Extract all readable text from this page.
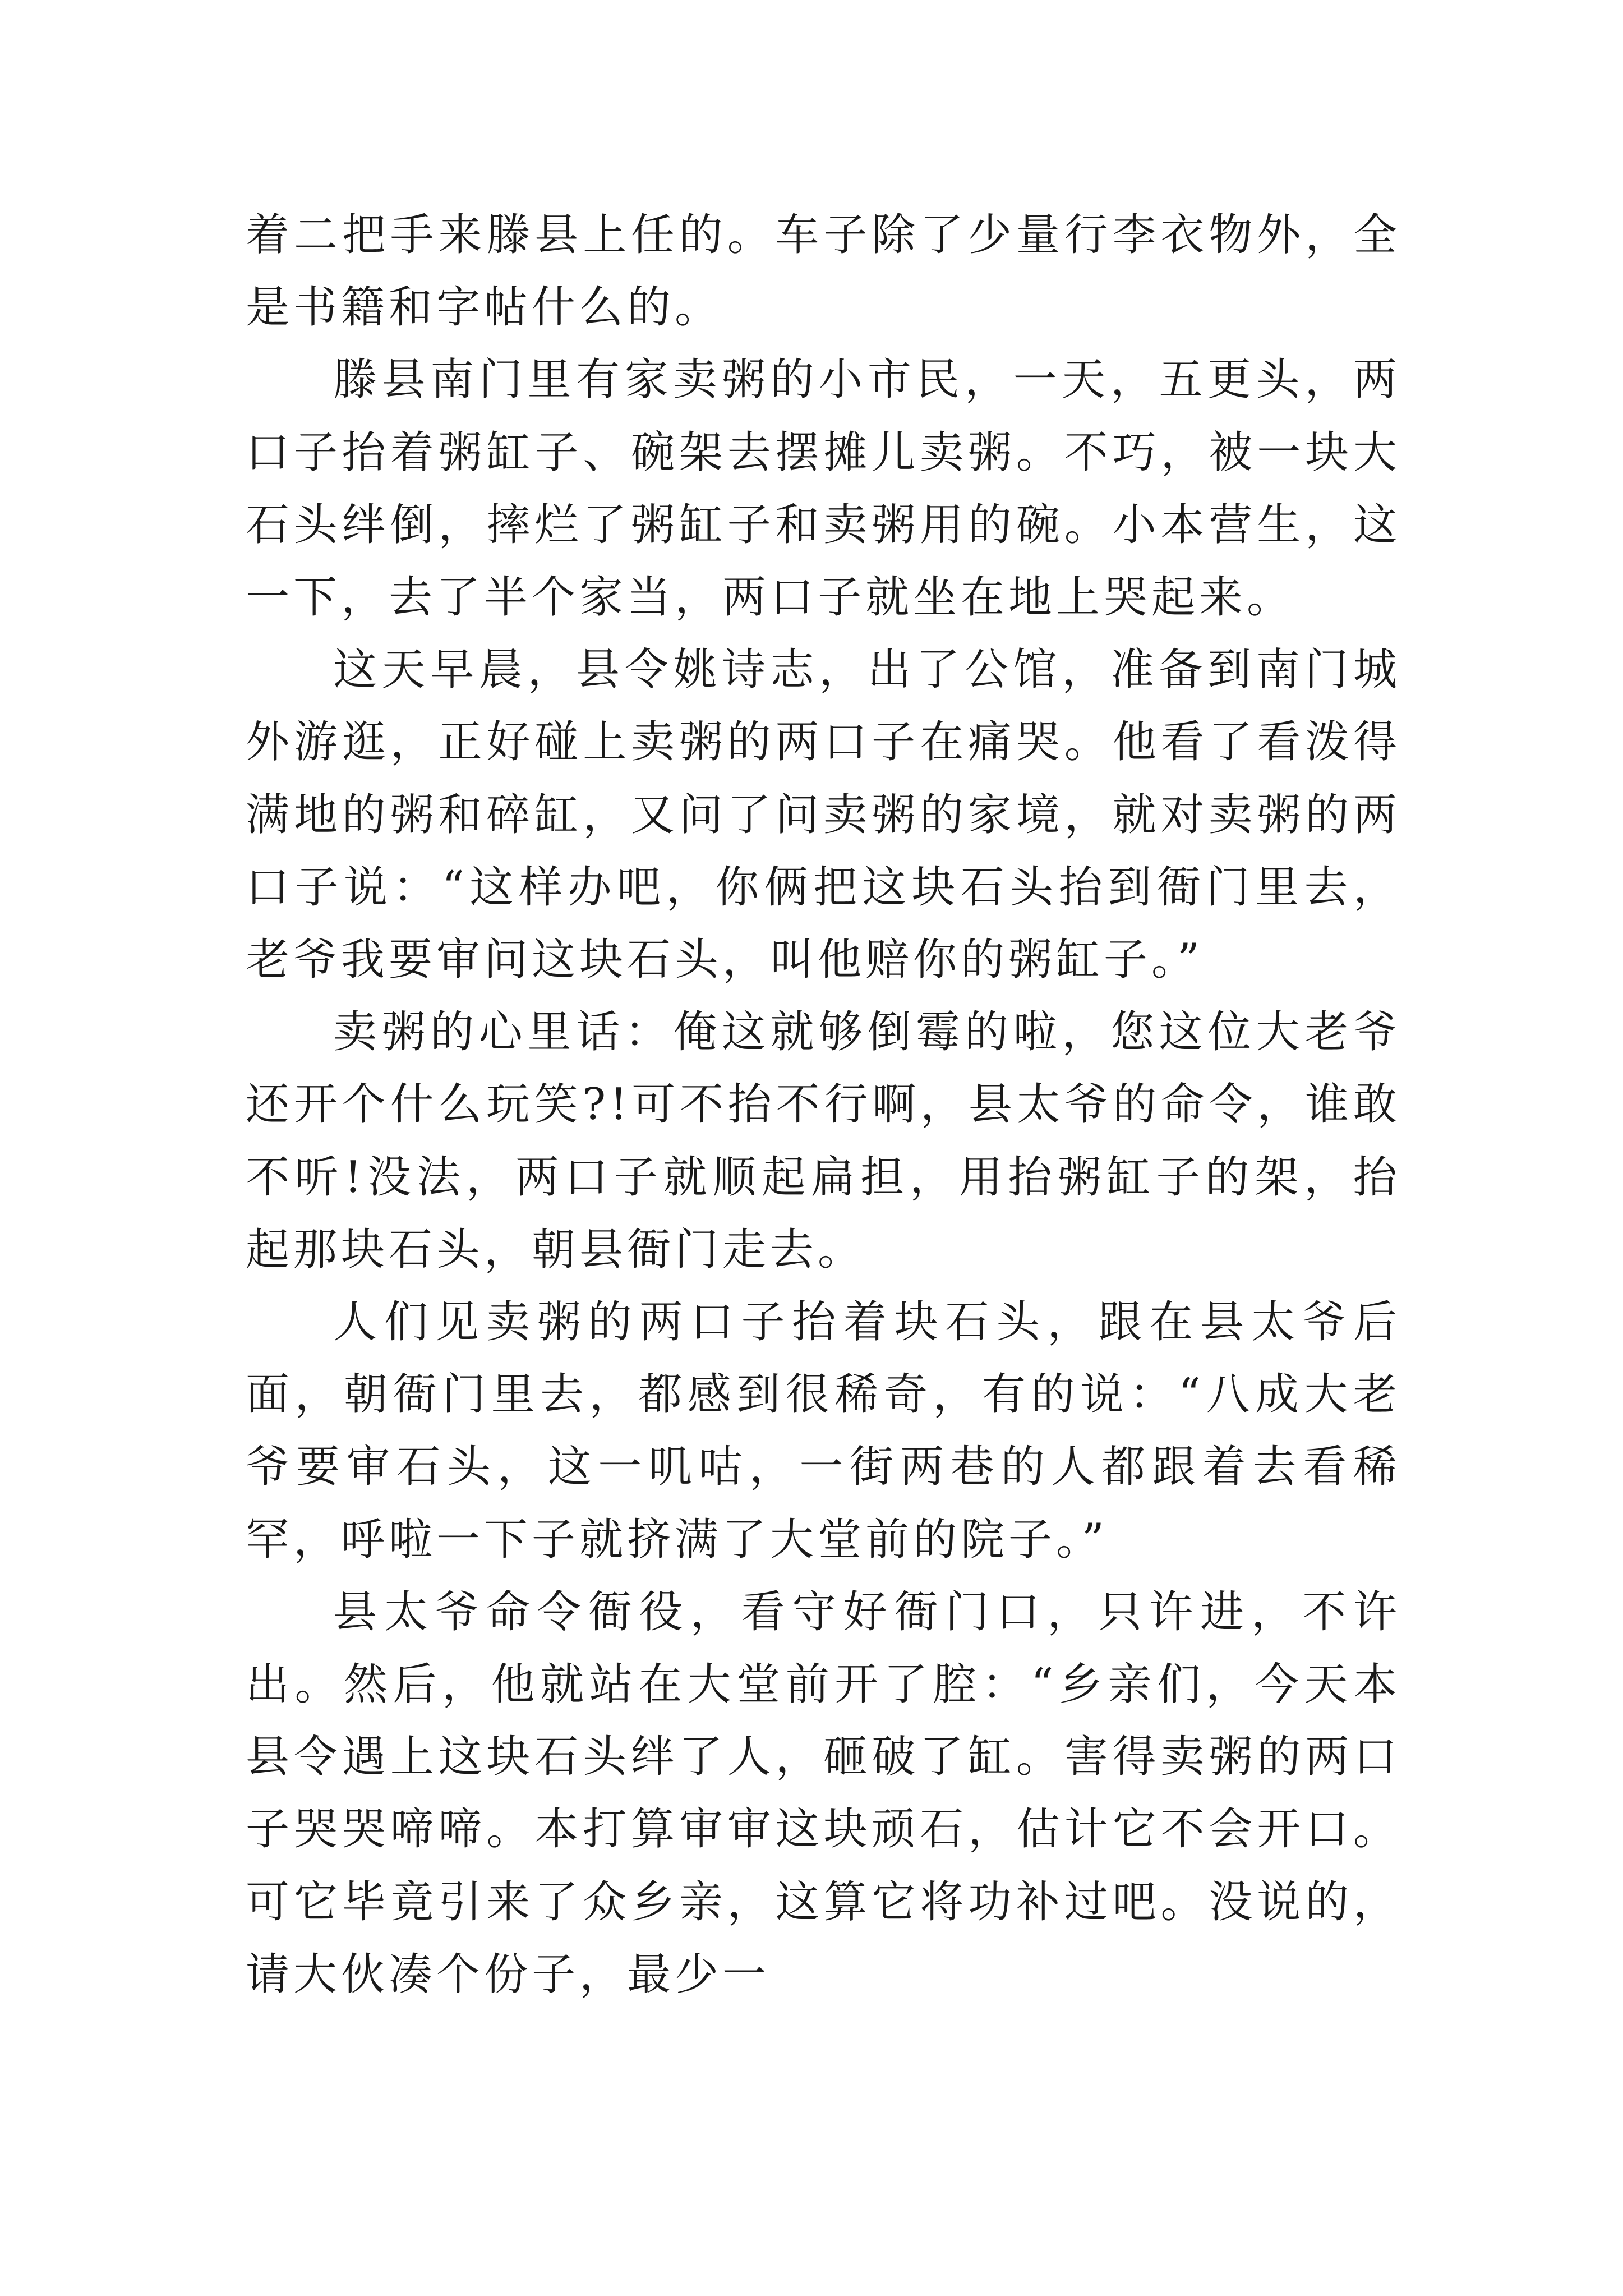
着二把手来滕县上任的。车子除了少量行李衣物外，全是书籍和字帖什么的。

滕县南门里有家卖粥的小市民，一天，五更头，两口子抬着粥缸子、碗架去摆摊儿卖粥。不巧，被一块大石头绊倒，摔烂了粥缸子和卖粥用的碗。小本营生，这一下，去了半个家当，两口子就坐在地上哭起来。

这天早晨，县令姚诗志，出了公馆，准备到南门城外游逛，正好碰上卖粥的两口子在痛哭。他看了看泼得满地的粥和碎缸，又问了问卖粥的家境，就对卖粥的两口子说：“这样办吧，你俩把这块石头抬到衙门里去，老爷我要审问这块石头，叫他赔你的粥缸子。”

卖粥的心里话：俺这就够倒霉的啦，您这位大老爷还开个什么玩笑?!可不抬不行啊，县太爷的命令，谁敢不听!没法，两口子就顺起扁担，用抬粥缸子的架，抬起那块石头，朝县衙门走去。

人们见卖粥的两口子抬着块石头，跟在县太爷后面，朝衙门里去，都感到很稀奇，有的说：“八成大老爷要审石头，这一叽咕，一街两巷的人都跟着去看稀罕，呼啦一下子就挤满了大堂前的院子。”

县太爷命令衙役，看守好衙门口，只许进，不许出。然后，他就站在大堂前开了腔：“乡亲们，今天本县令遇上这块石头绊了人，砸破了缸。害得卖粥的两口子哭哭啼啼。本打算审审这块顽石，估计它不会开口。可它毕竟引来了众乡亲，这算它将功补过吧。没说的，请大伙凑个份子，最少一
